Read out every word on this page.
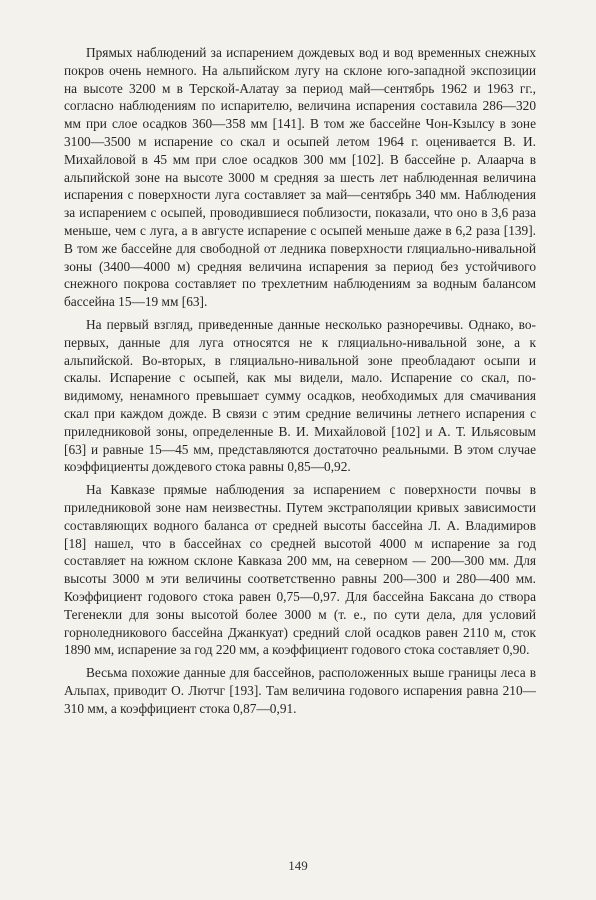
Прямых наблюдений за испарением дождевых вод и вод временных снежных покров очень немного. На альпийском лугу на склоне юго-западной экспозиции на высоте 3200 м в Терской-Алатау за период май—сентябрь 1962 и 1963 гг., согласно наблюдениям по испарителю, величина испарения составила 286—320 мм при слое осадков 360—358 мм [141]. В том же бассейне Чон-Кзылсу в зоне 3100—3500 м испарение со скал и осыпей летом 1964 г. оценивается В. И. Михайловой в 45 мм при слое осадков 300 мм [102]. В бассейне р. Алаарча в альпийской зоне на высоте 3000 м средняя за шесть лет наблюденная величина испарения с поверхности луга составляет за май—сентябрь 340 мм. Наблюдения за испарением с осыпей, проводившиеся поблизости, показали, что оно в 3,6 раза меньше, чем с луга, а в августе испарение с осыпей меньше даже в 6,2 раза [139]. В том же бассейне для свободной от ледника поверхности гляциально-нивальной зоны (3400—4000 м) средняя величина испарения за период без устойчивого снежного покрова составляет по трехлетним наблюдениям за водным балансом бассейна 15—19 мм [63].

На первый взгляд, приведенные данные несколько разноречивы. Однако, во-первых, данные для луга относятся не к гляциально-нивальной зоне, а к альпийской. Во-вторых, в гляциально-нивальной зоне преобладают осыпи и скалы. Испарение с осыпей, как мы видели, мало. Испарение со скал, по-видимому, ненамного превышает сумму осадков, необходимых для смачивания скал при каждом дожде. В связи с этим средние величины летнего испарения с приледниковой зоны, определенные В. И. Михайловой [102] и А. Т. Ильясовым [63] и равные 15—45 мм, представляются достаточно реальными. В этом случае коэффициенты дождевого стока равны 0,85—0,92.

На Кавказе прямые наблюдения за испарением с поверхности почвы в приледниковой зоне нам неизвестны. Путем экстраполяции кривых зависимости составляющих водного баланса от средней высоты бассейна Л. А. Владимиров [18] нашел, что в бассейнах со средней высотой 4000 м испарение за год составляет на южном склоне Кавказа 200 мм, на северном — 200—300 мм. Для высоты 3000 м эти величины соответственно равны 200—300 и 280—400 мм. Коэффициент годового стока равен 0,75—0,97. Для бассейна Баксана до створа Тегенекли для зоны высотой более 3000 м (т. е., по сути дела, для условий горноледникового бассейна Джанкуат) средний слой осадков равен 2110 м, сток 1890 мм, испарение за год 220 мм, а коэффициент годового стока составляет 0,90.

Весьма похожие данные для бассейнов, расположенных выше границы леса в Альпах, приводит О. Лютчг [193]. Там величина годового испарения равна 210—310 мм, а коэффициент стока 0,87—0,91.

149
